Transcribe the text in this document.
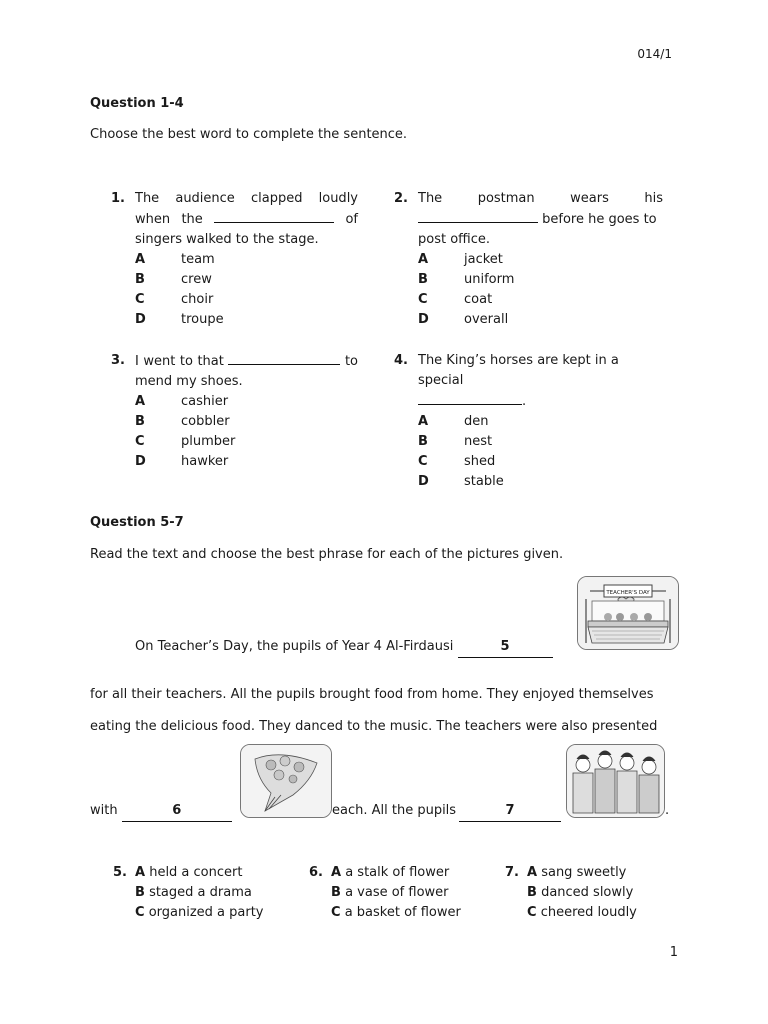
014/1
Question 1-4
Choose the best word to complete the sentence.
1. The audience clapped loudly when the	of singers walked to the stage.
A	team
B	crew
C	choir
D	troupe
2. The postman wears his
before he goes to post office.
A	jacket
B	uniform
C	coat
D	overall
3. I went to that	to mend my shoes.
A	cashier
B	cobbler
C	plumber
D	hawker
4. The King’s horses are kept in a special
.
A	den
B	nest
C	shed
D	stable
Question 5-7
Read the text and choose the best phrase for each of the pictures given.
TEACHER'S DAY
On Teacher’s Day, the pupils of Year 4 Al-Firdausi	5
for all their teachers. All the pupils brought food from home. They enjoyed themselves
eating the delicious food. They danced to the music. The teachers were also presented
with	6	each. All the pupils	7	.
5. A held a concert
B staged a drama
C organized a party
6. A a stalk of flower
B a vase of flower
C a basket of flower
7. A sang sweetly
B danced slowly
C cheered loudly
1
